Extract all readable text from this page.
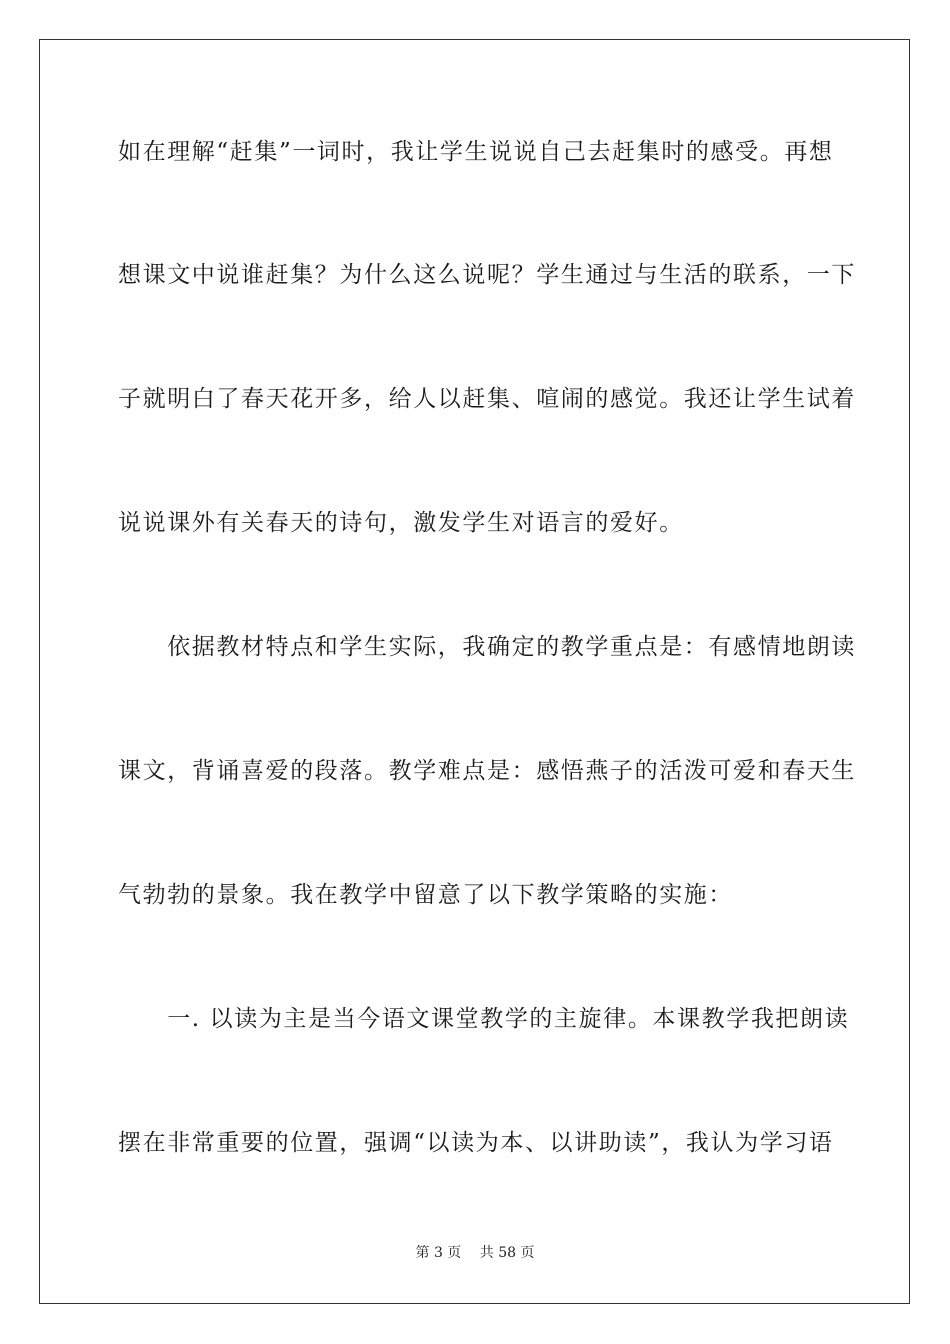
如在理解“赶集”一词时，我让学生说说自己去赶集时的感受。再想
想课文中说谁赶集？为什么这么说呢？学生通过与生活的联系，一下
子就明白了春天花开多，给人以赶集、喧闹的感觉。我还让学生试着
说说课外有关春天的诗句，激发学生对语言的爱好。
　　依据教材特点和学生实际，我确定的教学重点是：有感情地朗读
课文，背诵喜爱的段落。教学难点是：感悟燕子的活泼可爱和春天生
气勃勃的景象。我在教学中留意了以下教学策略的实施：
　　一. 以读为主是当今语文课堂教学的主旋律。本课教学我把朗读
摆在非常重要的位置，强调“以读为本、以讲助读”，我认为学习语
第 3 页　 共 58 页
